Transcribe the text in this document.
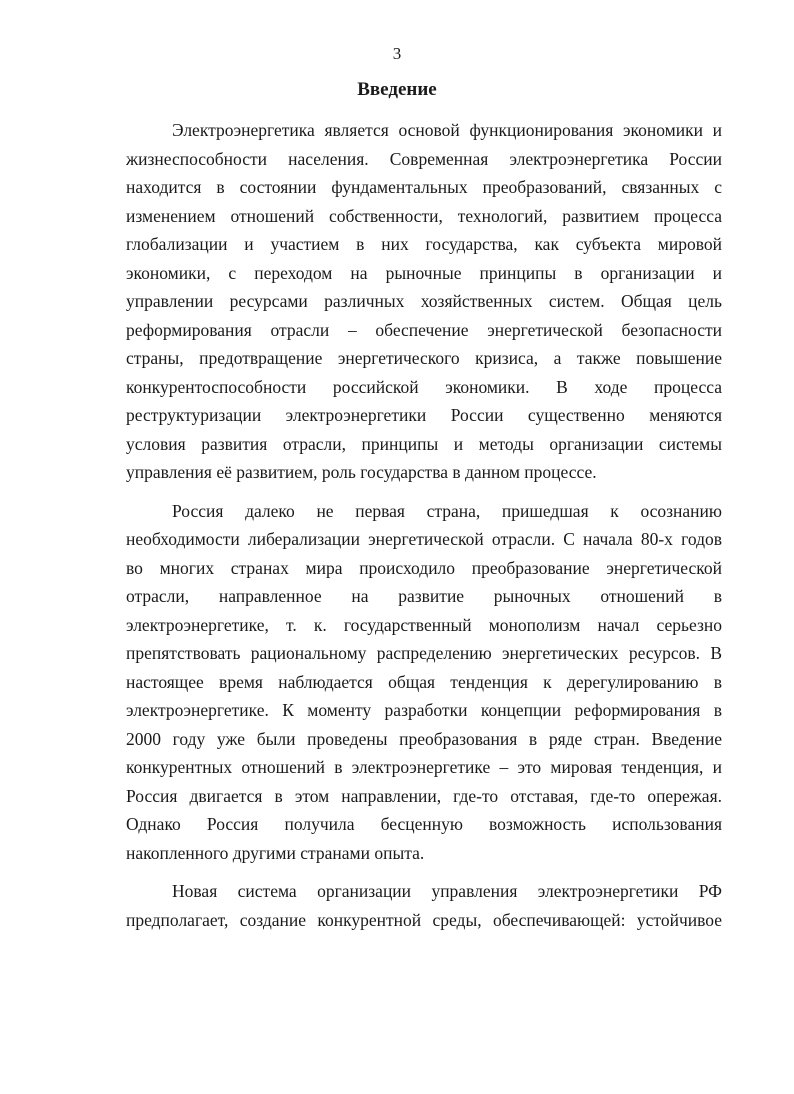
3
Введение
Электроэнергетика является основой функционирования экономики и
жизнеспособности населения. Современная электроэнергетика России
находится в состоянии фундаментальных преобразований, связанных с
изменением отношений собственности, технологий, развитием процесса
глобализации и участием в них государства, как субъекта мировой
экономики, с переходом на рыночные принципы в организации и
управлении ресурсами различных хозяйственных систем. Общая цель
реформирования отрасли – обеспечение энергетической безопасности
страны, предотвращение энергетического кризиса, а также повышение
конкурентоспособности российской экономики. В ходе процесса
реструктуризации электроэнергетики России существенно меняются
условия развития отрасли, принципы и методы организации системы
управления её развитием, роль государства в данном процессе.
Россия далеко не первая страна, пришедшая к осознанию
необходимости либерализации энергетической отрасли. С начала 80-х годов
во многих странах мира происходило преобразование энергетической
отрасли, направленное на развитие рыночных отношений в
электроэнергетике, т. к. государственный монополизм начал серьезно
препятствовать рациональному распределению энергетических ресурсов. В
настоящее время наблюдается общая тенденция к дерегулированию в
электроэнергетике. К моменту разработки концепции реформирования в
2000 году уже были проведены преобразования в ряде стран. Введение
конкурентных отношений в электроэнергетике – это мировая тенденция, и
Россия двигается в этом направлении, где-то отставая, где-то опережая.
Однако Россия получила бесценную возможность использования
накопленного другими странами опыта.
Новая система организации управления электроэнергетики РФ
предполагает, создание конкурентной среды, обеспечивающей: устойчивое
